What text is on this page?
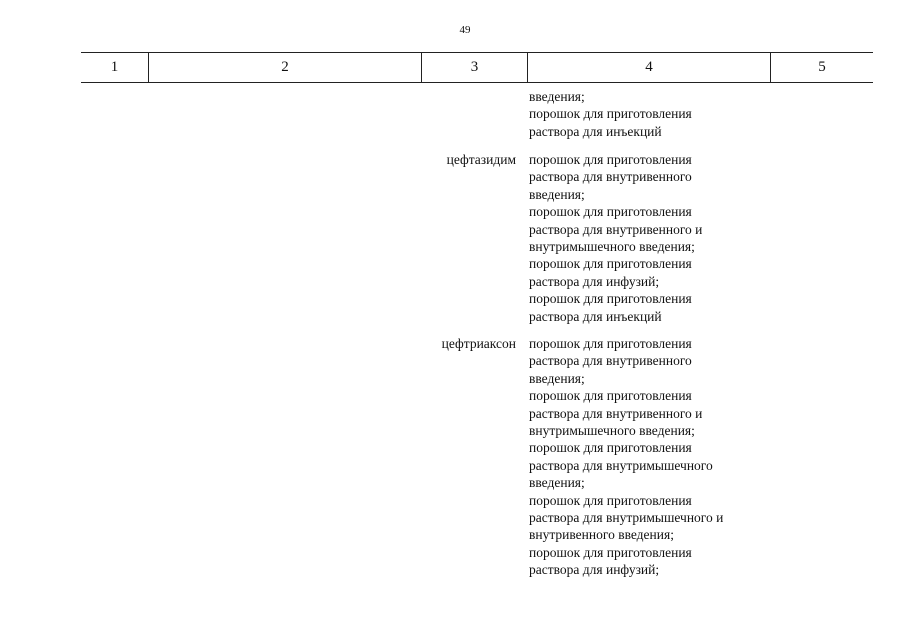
49
1	2	3	4	5
введения;
порошок для приготовления
раствора для инъекций
цефтазидим порошок для приготовления
раствора для внутривенного
введения;
порошок для приготовления
раствора для внутривенного и
внутримышечного введения;
порошок для приготовления
раствора для инфузий;
порошок для приготовления
раствора для инъекций
цефтриаксон порошок для приготовления
раствора для внутривенного
введения;
порошок для приготовления
раствора для внутривенного и
внутримышечного введения;
порошок для приготовления
раствора для внутримышечного
введения;
порошок для приготовления
раствора для внутримышечного и
внутривенного введения;
порошок для приготовления
раствора для инфузий;
